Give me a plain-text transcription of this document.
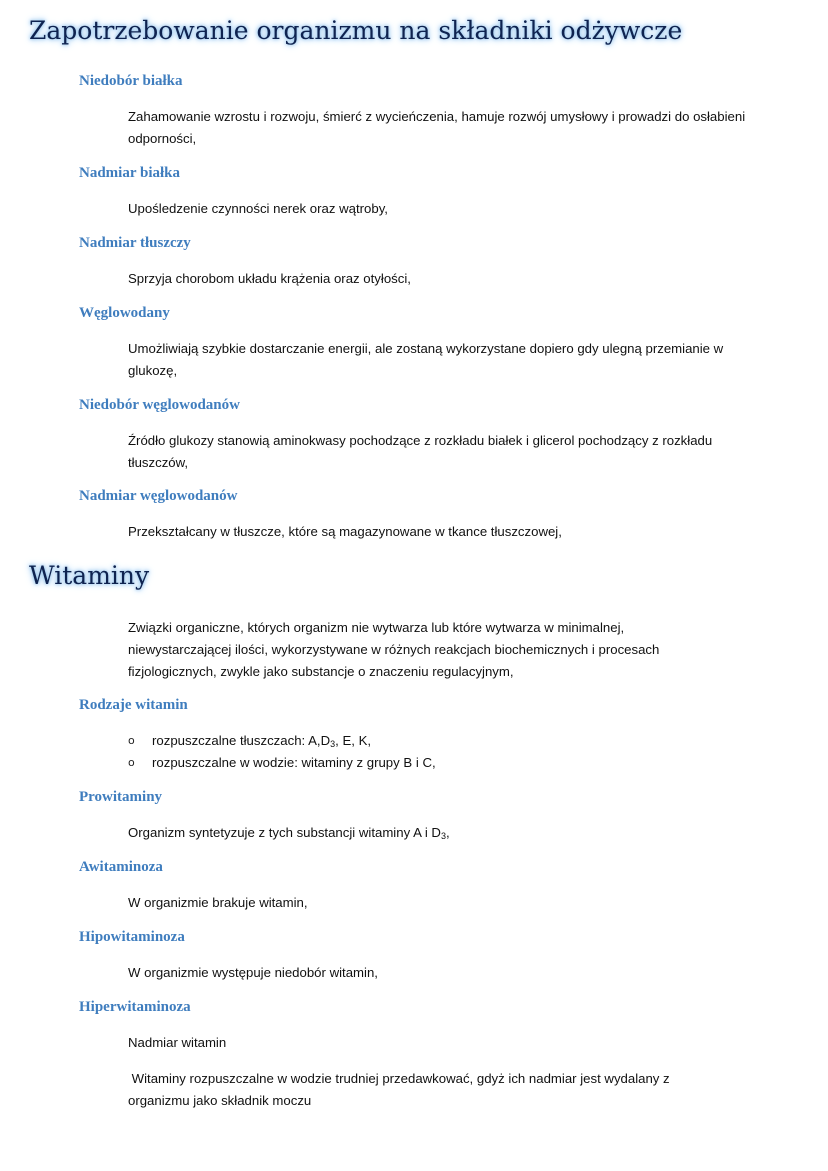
Zapotrzebowanie organizmu na składniki odżywcze
Niedobór białka

Zahamowanie wzrostu i rozwoju, śmierć z wycieńczenia, hamuje rozwój umysłowy i prowadzi do osłabieni odporności,

Nadmiar białka

Upośledzenie czynności nerek oraz wątroby,

Nadmiar tłuszczy

Sprzyja chorobom układu krążenia oraz otyłości,

Węglowodany

Umożliwiają szybkie dostarczanie energii, ale zostaną wykorzystane dopiero gdy ulegną przemianie w glukozę,

Niedobór węglowodanów

Źródło glukozy stanowią aminokwasy pochodzące z rozkładu białek i glicerol pochodzący z rozkładu tłuszczów,

Nadmiar węglowodanów

Przekształcany w tłuszcze, które są magazynowane w tkance tłuszczowej,

Witaminy

Związki organiczne, których organizm nie wytwarza lub które wytwarza w minimalnej, niewystarczającej ilości, wykorzystywane w różnych reakcjach biochemicznych i procesach fizjologicznych, zwykle jako substancje o znaczeniu regulacyjnym,

Rodzaje witamin

o rozpuszczalne tłuszczach: $A,D_3$, E, K,

o rozpuszczalne w wodzie: witaminy z grupy B i C,

Prowitaminy

Organizm syntetyzuje z tych substancji witaminy A i $D_3$,

Awitaminoza

W organizmie brakuje witamin,

Hipowitaminoza

W organizmie występuje niedobór witamin,

Hiperwitaminoza

Nadmiar witamin

Witaminy rozpuszczalne w wodzie trudniej przedawkować, gdyż ich nadmiar jest wydalany z organizmu jako składnik moczu
